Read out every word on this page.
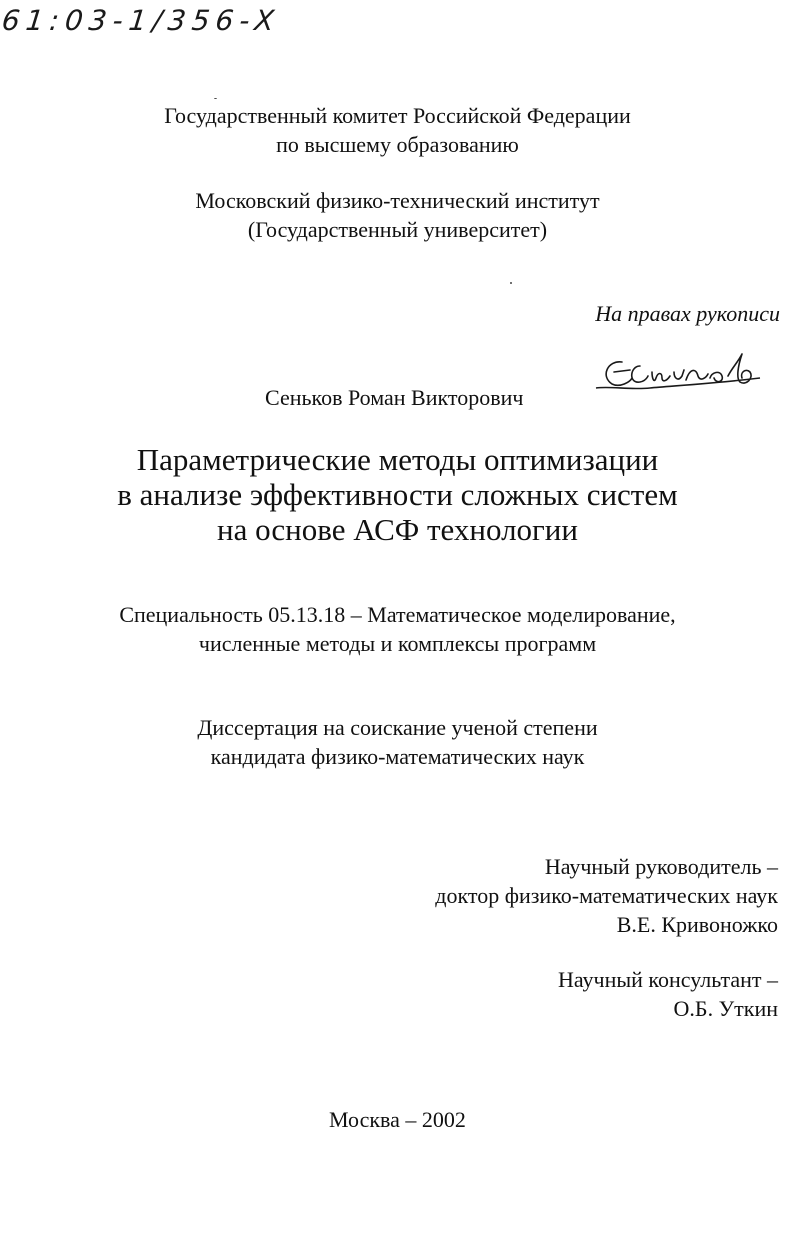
61:03-1/356-X
Государственный комитет Российской Федерации
по высшему образованию
Московский физико-технический институт
(Государственный университет)
На правах рукописи
Сеньков Роман Викторович
Параметрические методы оптимизации
в анализе эффективности сложных систем
на основе АСФ технологии
Специальность 05.13.18 – Математическое моделирование,
численные методы и комплексы программ
Диссертация на соискание ученой степени
кандидата физико-математических наук
Научный руководитель –
доктор физико-математических наук
В.Е. Кривоножко
Научный консультант –
О.Б. Уткин
Москва – 2002
